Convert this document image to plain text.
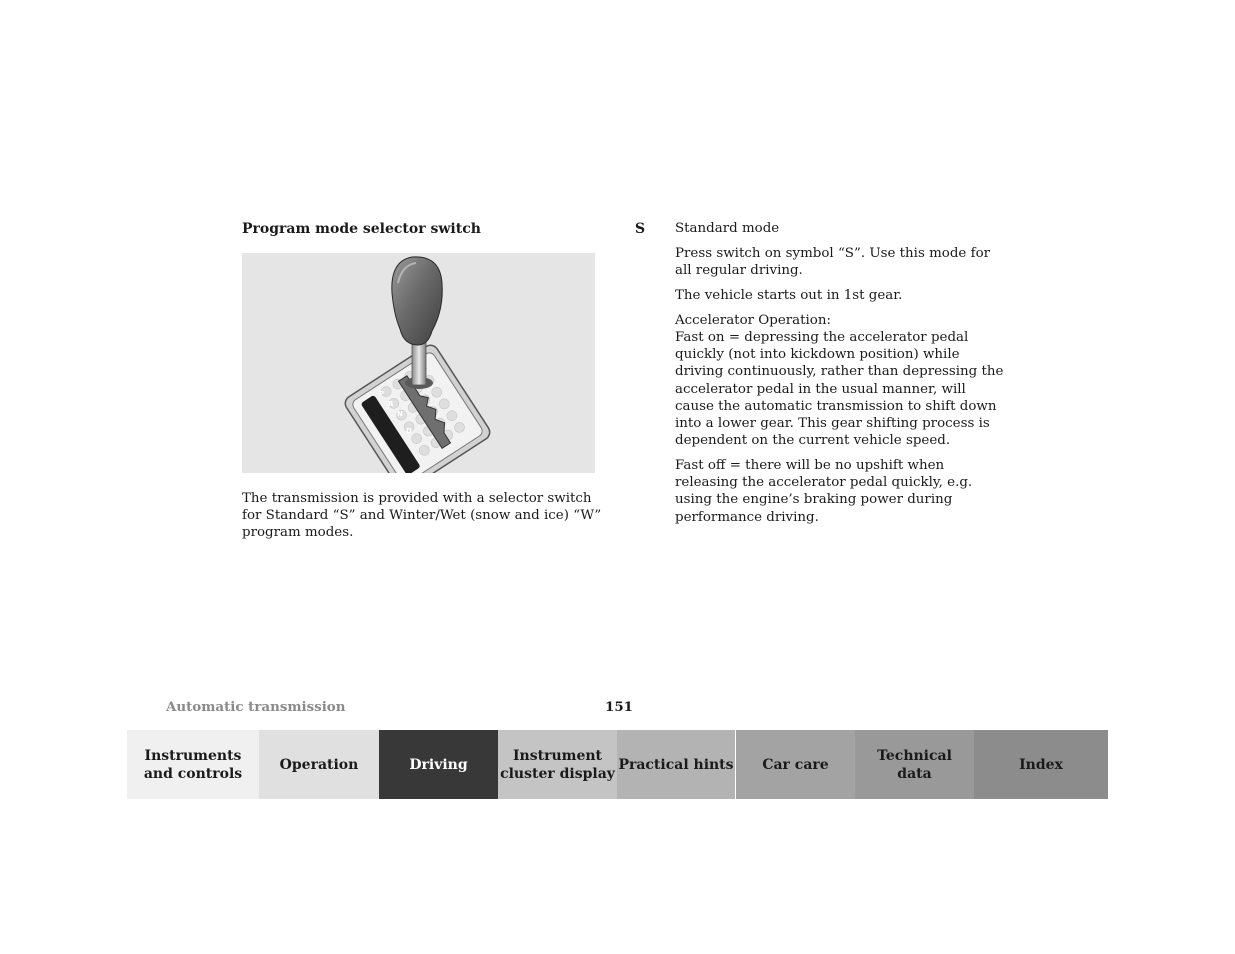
Program mode selector switch
P
R
N
D
The transmission is provided with a selector switch for Standard “S” and Winter/Wet (snow and ice) “W” program modes.
S Standard mode

Press switch on symbol “S”. Use this mode for all regular driving.

The vehicle starts out in 1st gear.

Accelerator Operation:
Fast on = depressing the accelerator pedal quickly (not into kickdown position) while driving continuously, rather than depressing the accelerator pedal in the usual manner, will cause the automatic transmission to shift down into a lower gear. This gear shifting process is dependent on the current vehicle speed.

Fast off = there will be no upshift when releasing the accelerator pedal quickly, e.g. using the engine’s braking power during performance driving.

Automatic transmission	151
Instruments
and controls
Operation	Driving
Instrument
cluster display
Practical hints	Car care
Technical
data
Index
